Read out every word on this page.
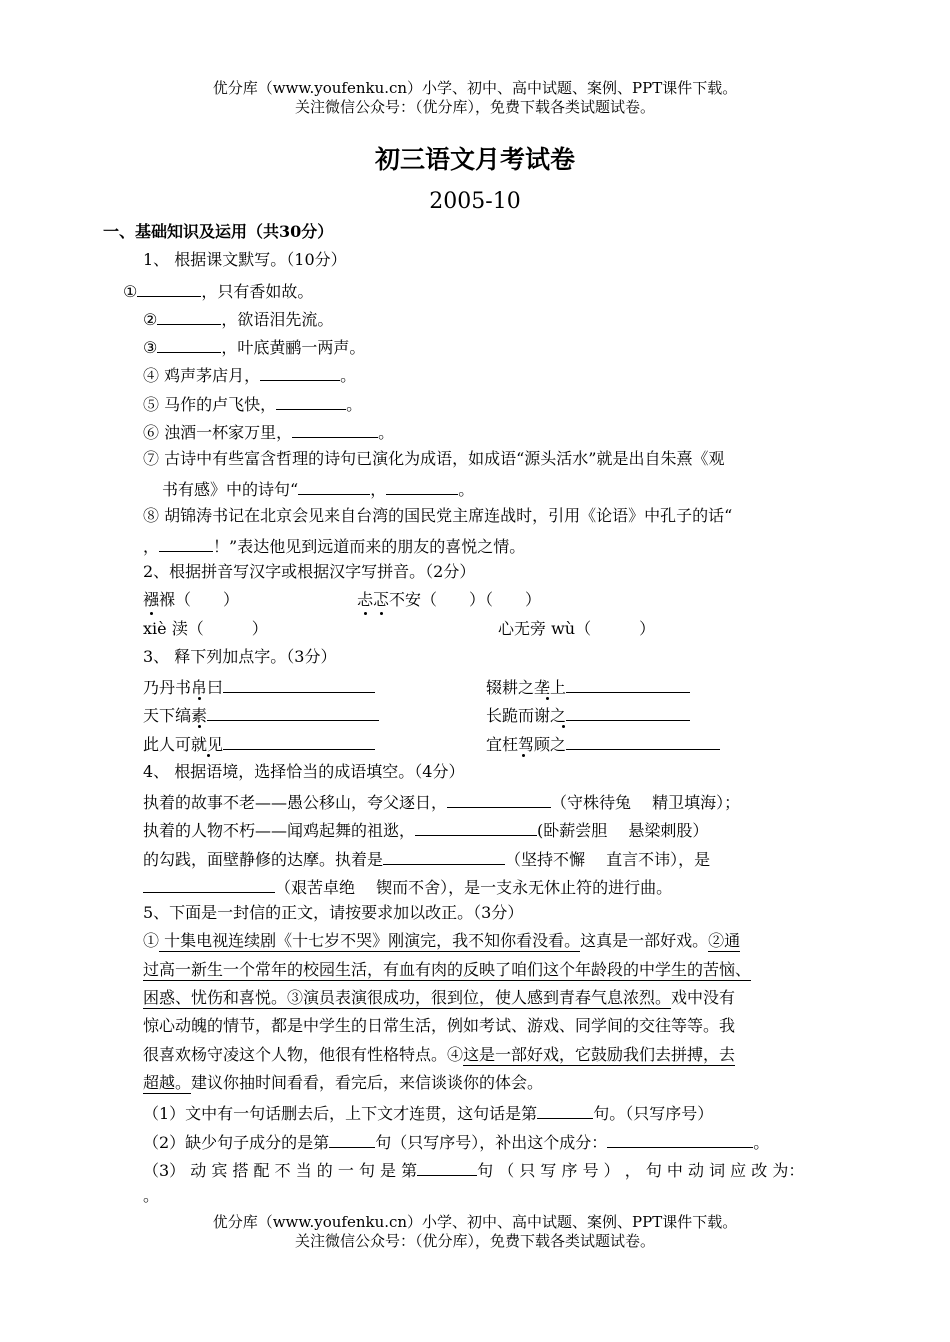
优分库（www.youfenku.cn）小学、初中、高中试题、案例、PPT课件下载。
关注微信公众号：（优分库），免费下载各类试题试卷。
初三语文月考试卷
2005-10
一、基础知识及运用（共30分）
1、 根据课文默写。（10分）
①	，只有香如故。
②	，欲语泪先流。
③	，叶底黄鹂一两声。
④ 鸡声茅店月，	。
⑤ 马作的卢飞快，	。
⑥ 浊酒一杯家万里，	。
⑦ 古诗中有些富含哲理的诗句已演化为成语，如成语“源头活水”就是出自朱熹《观
书有感》中的诗句“	，	。
⑧ 胡锦涛书记在北京会见来自台湾的国民党主席连战时，引用《论语》中孔子的话“
，	！”表达他见到远道而来的朋友的喜悦之情。
2、根据拼音写汉字或根据汉字写拼音。（2分）
襁褓（　　）	忐忑不安（　　）（　　）
xiè 渎（　　　）	心无旁 wù（　　　）
3、 释下列加点字。（3分）
乃丹书帛曰	辍耕之垄上
天下缟素	长跪而谢之
此人可就见	宜枉驾顾之
4、 根据语境，选择恰当的成语填空。（4分）
执着的故事不老——愚公移山，夸父逐日，	（守株待兔　 精卫填海）；
执着的人物不朽——闻鸡起舞的祖逖，	(卧薪尝胆　 悬梁刺股）
的勾践，面壁静修的达摩。执着是	（坚持不懈　 直言不讳），是
（艰苦卓绝　 锲而不舍），是一支永无休止符的进行曲。
5、下面是一封信的正文，请按要求加以改正。（3分）
① 十集电视连续剧《十七岁不哭》刚演完，我不知你看没看。这真是一部好戏。②通
过高一新生一个常年的校园生活，有血有肉的反映了咱们这个年龄段的中学生的苦恼、
困惑、忧伤和喜悦。③演员表演很成功，很到位，使人感到青春气息浓烈。戏中没有
惊心动魄的情节，都是中学生的日常生活，例如考试、游戏、同学间的交往等等。我
很喜欢杨守凌这个人物，他很有性格特点。④这是一部好戏，它鼓励我们去拼搏，去
超越。建议你抽时间看看，看完后，来信谈谈你的体会。
（1）文中有一句话删去后，上下文才连贯，这句话是第	句。（只写序号）
（2）缺少句子成分的是第	句（只写序号），补出这个成分：	。
（3） 动 宾 搭 配 不 当 的 一 句 是 第	句 （ 只 写 序 号 ） ， 句 中 动 词 应 改 为：
。
优分库（www.youfenku.cn）小学、初中、高中试题、案例、PPT课件下载。
关注微信公众号：（优分库），免费下载各类试题试卷。
